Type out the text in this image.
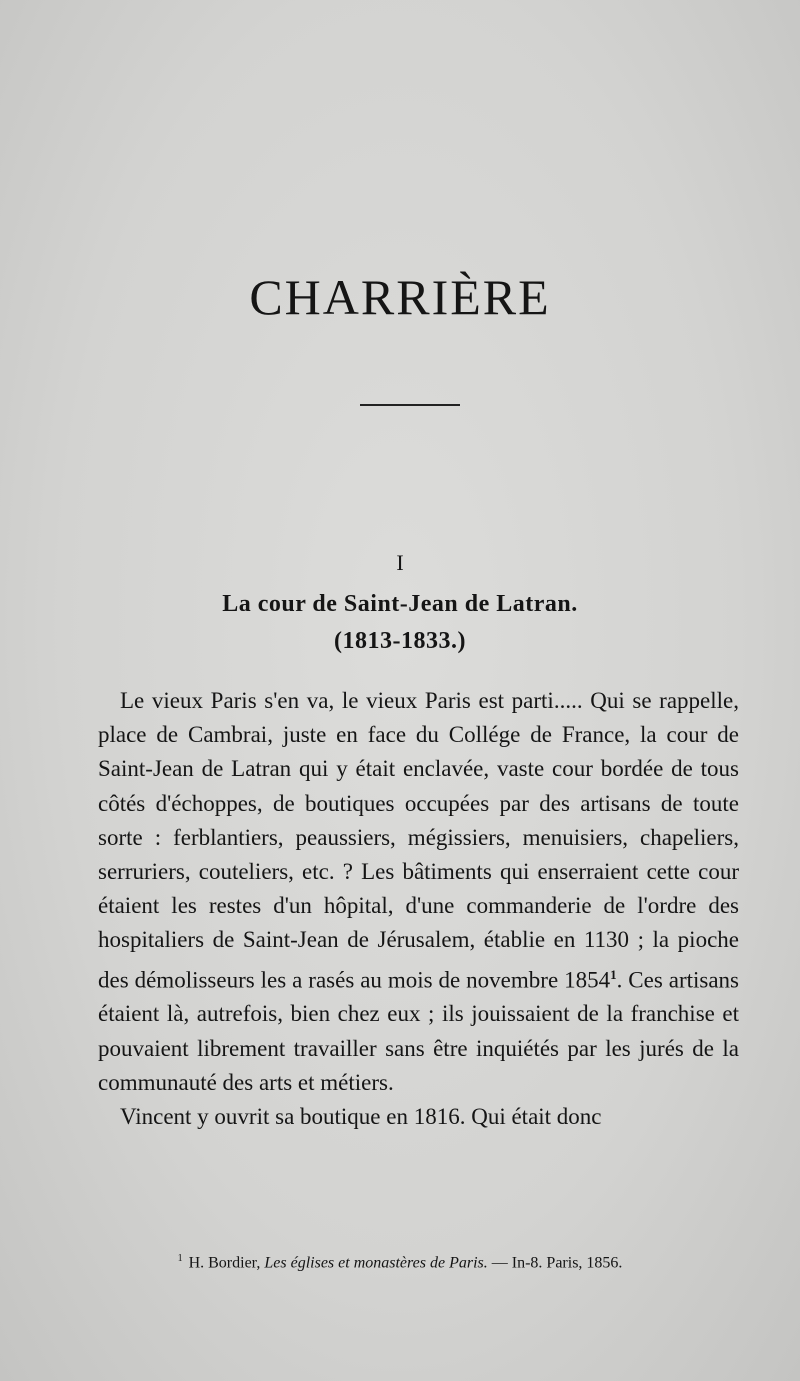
CHARRIÈRE
I
La cour de Saint-Jean de Latran.
(1813-1833.)

Le vieux Paris s'en va, le vieux Paris est parti..... Qui se rappelle, place de Cambrai, juste en face du Collége de France, la cour de Saint-Jean de Latran qui y était enclavée, vaste cour bordée de tous côtés d'échoppes, de boutiques occupées par des artisans de toute sorte : ferblantiers, peaussiers, mégissiers, menuisiers, chapeliers, serruriers, couteliers, etc. ? Les bâtiments qui enserraient cette cour étaient les restes d'un hôpital, d'une commanderie de l'ordre des hospitaliers de Saint-Jean de Jérusalem, établie en 1130 ; la pioche des démolisseurs les a rasés au mois de novembre 1854$^1$. Ces artisans étaient là, autrefois, bien chez eux ; ils jouissaient de la franchise et pouvaient librement travailler sans être inquiétés par les jurés de la communauté des arts et métiers.

Vincent y ouvrit sa boutique en 1816. Qui était donc

$^1$ H. Bordier, Les églises et monastères de Paris. — In-8. Paris, 1856.
